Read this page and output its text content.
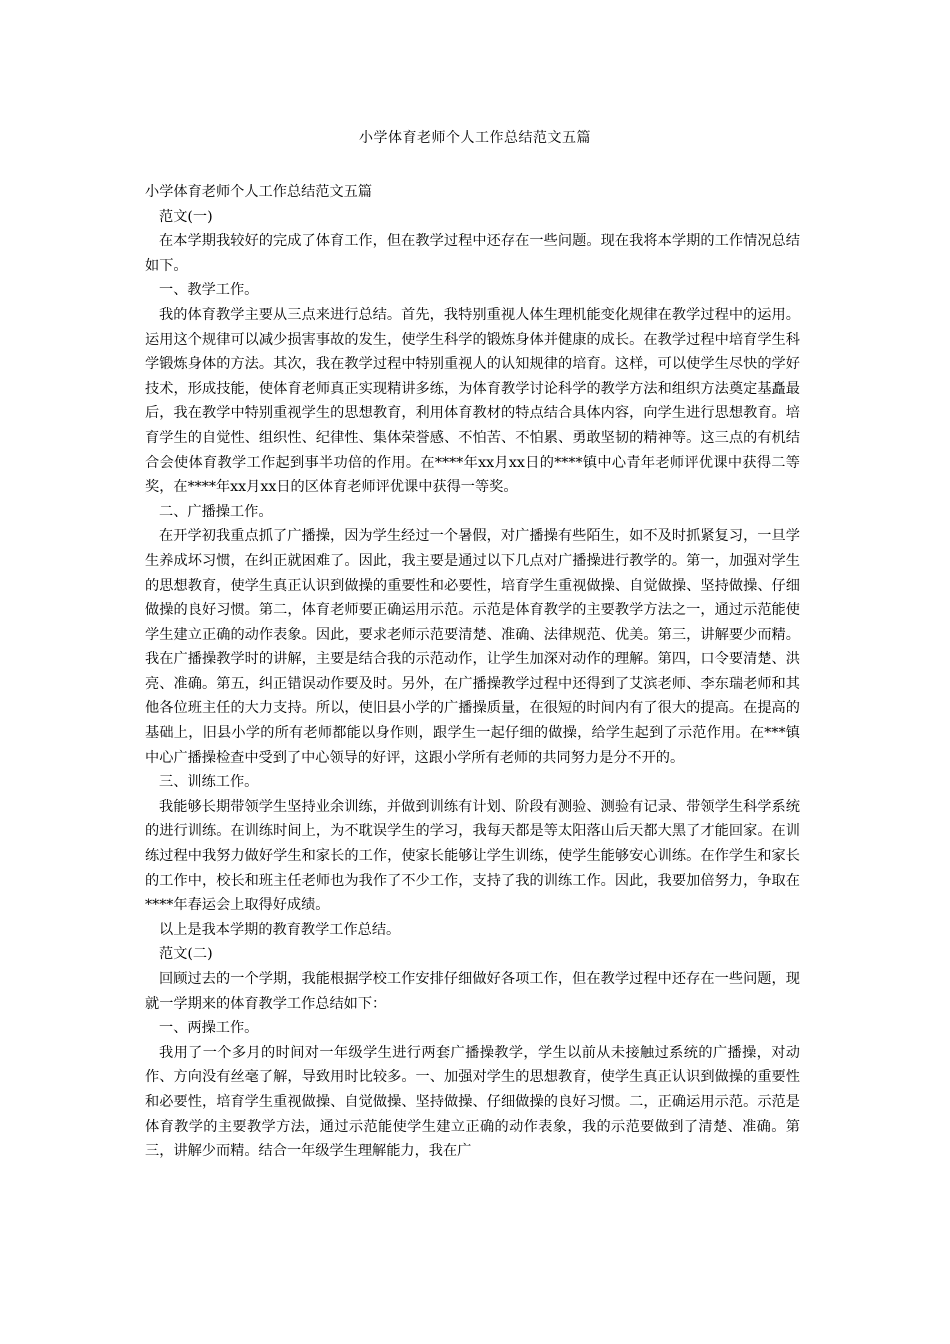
小学体育老师个人工作总结范文五篇

小学体育老师个人工作总结范文五篇

范文(一)

在本学期我较好的完成了体育工作，但在教学过程中还存在一些问题。现在我将本学期的工作情况总结如下。

一、教学工作。

我的体育教学主要从三点来进行总结。首先，我特别重视人体生理机能变化规律在教学过程中的运用。运用这个规律可以减少损害事故的发生，使学生科学的锻炼身体并健康的成长。在教学过程中培育学生科学锻炼身体的方法。其次，我在教学过程中特别重视人的认知规律的培育。这样，可以使学生尽快的学好技术，形成技能，使体育老师真正实现精讲多练，为体育教学讨论科学的教学方法和组织方法奠定基矗最后，我在教学中特别重视学生的思想教育，利用体育教材的特点结合具体内容，向学生进行思想教育。培育学生的自觉性、组织性、纪律性、集体荣誉感、不怕苦、不怕累、勇敢坚韧的精神等。这三点的有机结合会使体育教学工作起到事半功倍的作用。在****年xx月xx日的****镇中心青年老师评优课中获得二等奖，在****年xx月xx日的区体育老师评优课中获得一等奖。

二、广播操工作。

在开学初我重点抓了广播操，因为学生经过一个暑假，对广播操有些陌生，如不及时抓紧复习，一旦学生养成坏习惯，在纠正就困难了。因此，我主要是通过以下几点对广播操进行教学的。第一，加强对学生的思想教育，使学生真正认识到做操的重要性和必要性，培育学生重视做操、自觉做操、坚持做操、仔细做操的良好习惯。第二，体育老师要正确运用示范。示范是体育教学的主要教学方法之一，通过示范能使学生建立正确的动作表象。因此，要求老师示范要清楚、准确、法律规范、优美。第三，讲解要少而精。我在广播操教学时的讲解，主要是结合我的示范动作，让学生加深对动作的理解。第四，口令要清楚、洪亮、准确。第五，纠正错误动作要及时。另外，在广播操教学过程中还得到了艾滨老师、李东瑞老师和其他各位班主任的大力支持。所以，使旧县小学的广播操质量，在很短的时间内有了很大的提高。在提高的基础上，旧县小学的所有老师都能以身作则，跟学生一起仔细的做操，给学生起到了示范作用。在***镇中心广播操检查中受到了中心领导的好评，这跟小学所有老师的共同努力是分不开的。

三、训练工作。

我能够长期带领学生坚持业余训练，并做到训练有计划、阶段有测验、测验有记录、带领学生科学系统的进行训练。在训练时间上，为不耽误学生的学习，我每天都是等太阳落山后天都大黑了才能回家。在训练过程中我努力做好学生和家长的工作，使家长能够让学生训练，使学生能够安心训练。在作学生和家长的工作中，校长和班主任老师也为我作了不少工作，支持了我的训练工作。因此，我要加倍努力，争取在****年春运会上取得好成绩。

以上是我本学期的教育教学工作总结。

范文(二)

回顾过去的一个学期，我能根据学校工作安排仔细做好各项工作，但在教学过程中还存在一些问题，现就一学期来的体育教学工作总结如下：

一、两操工作。

我用了一个多月的时间对一年级学生进行两套广播操教学，学生以前从未接触过系统的广播操，对动作、方向没有丝毫了解，导致用时比较多。一、加强对学生的思想教育，使学生真正认识到做操的重要性和必要性，培育学生重视做操、自觉做操、坚持做操、仔细做操的良好习惯。二，正确运用示范。示范是体育教学的主要教学方法，通过示范能使学生建立正确的动作表象，我的示范要做到了清楚、准确。第三，讲解少而精。结合一年级学生理解能力，我在广
